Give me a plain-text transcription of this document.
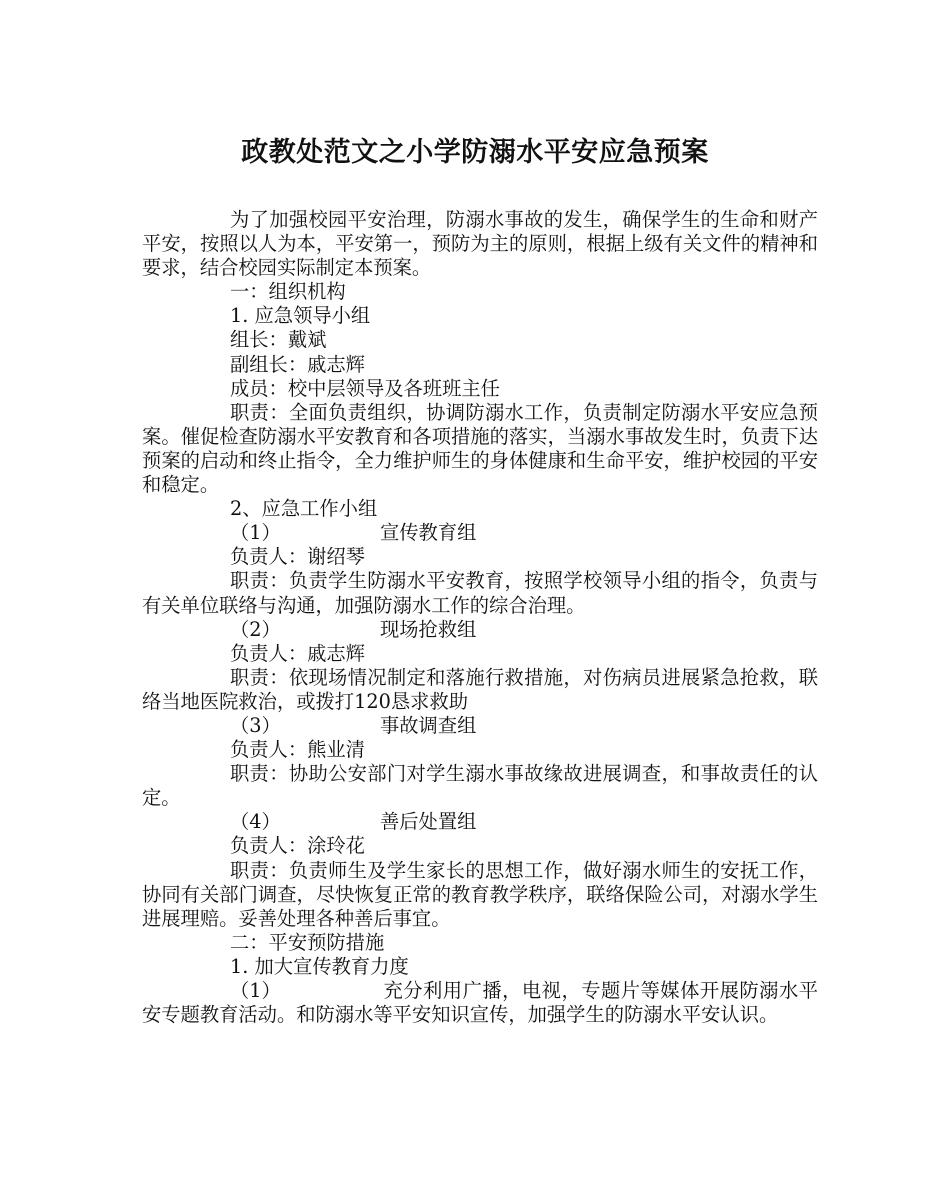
政教处范文之小学防溺水平安应急预案

为了加强校园平安治理，防溺水事故的发生，确保学生的生命和财产平安，按照以人为本，平安第一，预防为主的原则，根据上级有关文件的精神和要求，结合校园实际制定本预案。

一：组织机构

1. 应急领导小组

组长：戴斌

副组长：戚志辉

成员：校中层领导及各班班主任

职责：全面负责组织，协调防溺水工作，负责制定防溺水平安应急预案。催促检查防溺水平安教育和各项措施的落实，当溺水事故发生时，负责下达预案的启动和终止指令，全力维护师生的身体健康和生命平安，维护校园的平安和稳定。

2、应急工作小组

（1）	宣传教育组

负责人：谢绍琴

职责：负责学生防溺水平安教育，按照学校领导小组的指令，负责与有关单位联络与沟通，加强防溺水工作的综合治理。

（2）	现场抢救组

负责人：戚志辉

职责：依现场情况制定和落施行救措施，对伤病员进展紧急抢救，联络当地医院救治，或拨打120恳求救助

（3）	事故调查组

负责人：熊业清

职责：协助公安部门对学生溺水事故缘故进展调查，和事故责任的认定。

（4）	善后处置组

负责人：涂玲花

职责：负责师生及学生家长的思想工作，做好溺水师生的安抚工作，协同有关部门调查，尽快恢复正常的教育教学秩序，联络保险公司，对溺水学生进展理赔。妥善处理各种善后事宜。

二：平安预防措施

1. 加大宣传教育力度

（1）	充分利用广播，电视，专题片等媒体开展防溺水平安专题教育活动。和防溺水等平安知识宣传，加强学生的防溺水平安认识。
